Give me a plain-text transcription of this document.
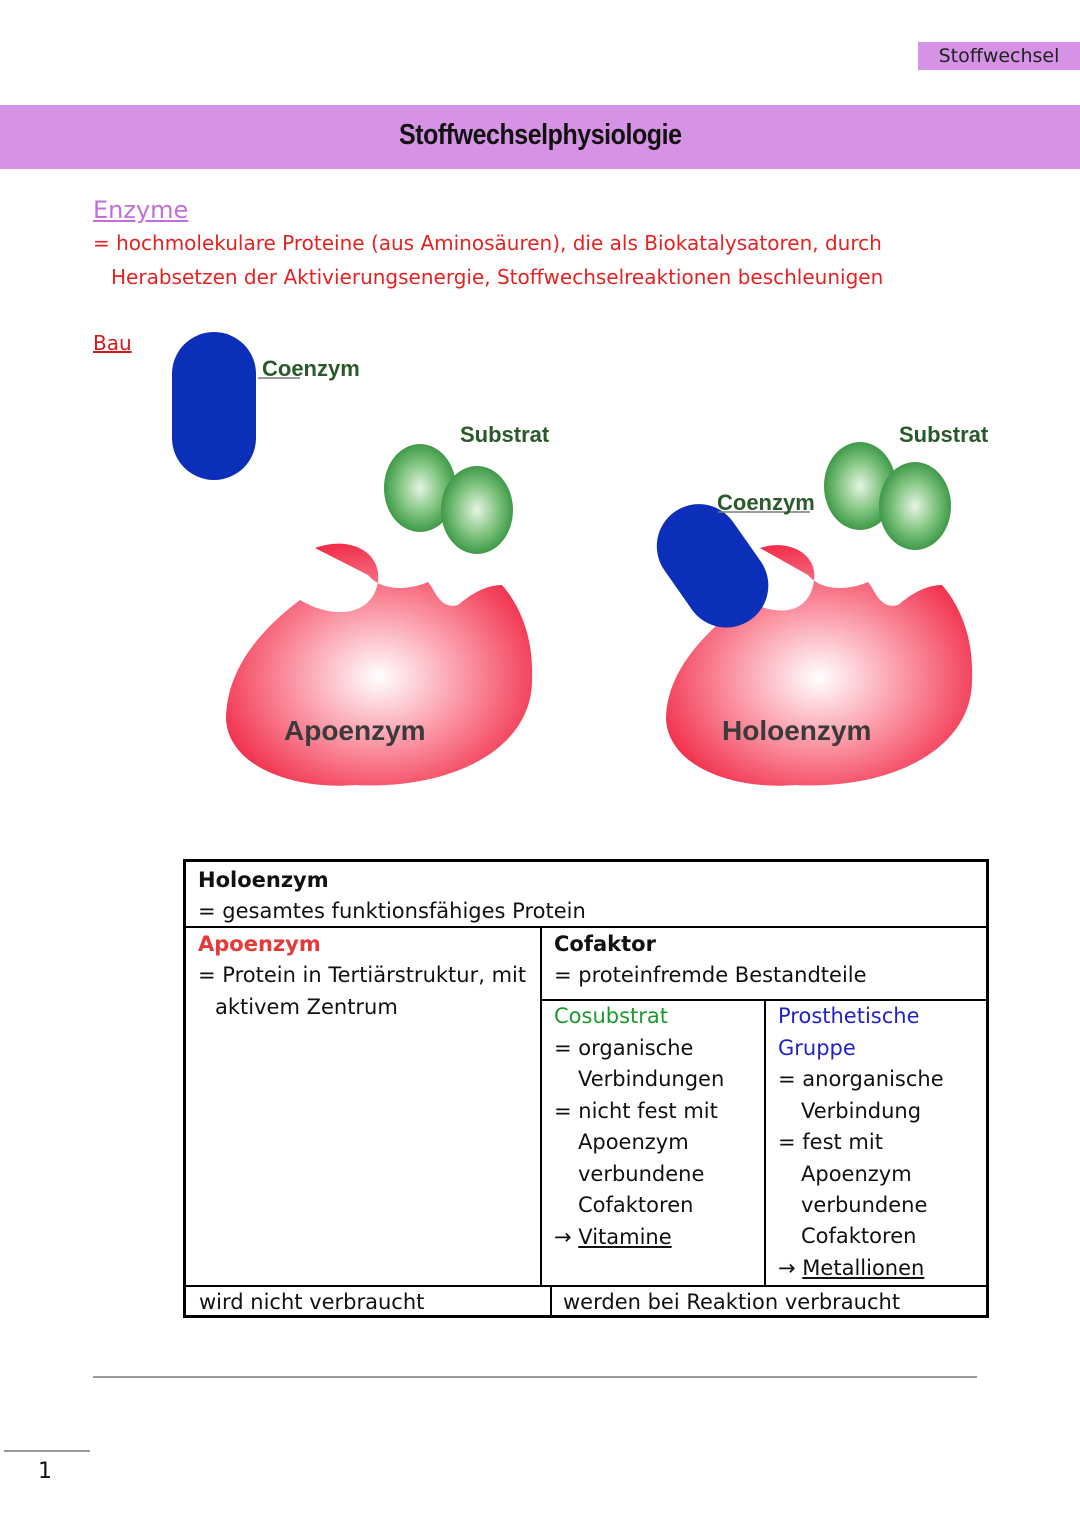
Stoffwechsel
Stoffwechselphysiologie
Enzyme
= hochmolekulare Proteine (aus Aminosäuren), die als Biokatalysatoren, durch
Herabsetzen der Aktivierungsenergie, Stoffwechselreaktionen beschleunigen
Bau
Coenzym
Substrat
Apoenzym
Coenzym
Substrat
Holoenzym
Holoenzym
= gesamtes funktionsfähiges Protein
Apoenzym
= Protein in Tertiärstruktur, mit
aktivem Zentrum
Cofaktor
= proteinfremde Bestandteile
Cosubstrat
= organische
Verbindungen
= nicht fest mit
Apoenzym
verbundene
Cofaktoren
→ Vitamine
Prosthetische
Gruppe
= anorganische
Verbindung
= fest mit
Apoenzym
verbundene
Cofaktoren
→ Metallionen
wird nicht verbraucht	werden bei Reaktion verbraucht
1
